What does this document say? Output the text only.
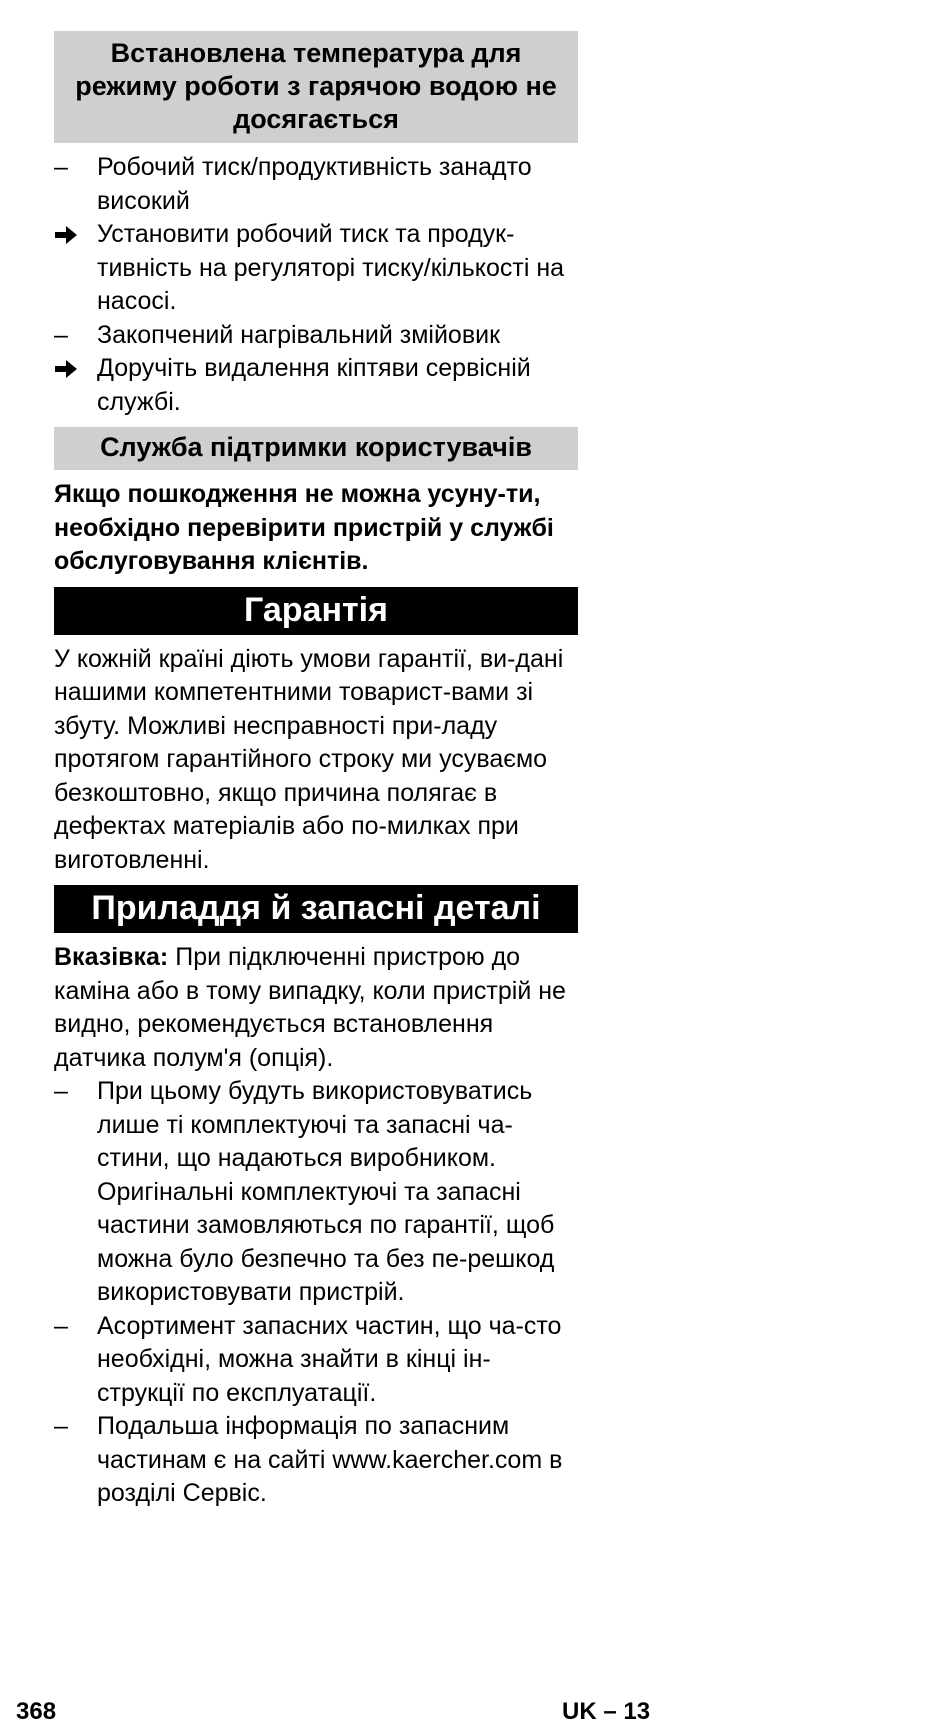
Встановлена температура для режиму роботи з гарячою водою не досягається
–	Робочий тиск/продуктивність занадто високий
Установити робочий тиск та продук-тивність на регуляторі тиску/кількості на насосі.
–	Закопчений нагрівальний змійовик
Доручіть видалення кіптяви сервісній службі.
Служба підтримки користувачів
Якщо пошкодження не можна усуну-ти, необхідно перевірити пристрій у службі обслуговування клієнтів.
Гарантія
У кожній країні діють умови гарантії, ви-дані нашими компетентними товарист-вами зі збуту. Можливі несправності при-ладу протягом гарантійного строку ми усуваємо безкоштовно, якщо причина полягає в дефектах матеріалів або по-милках при виготовленні.
Приладдя й запасні деталі
Вказівка: При підключенні пристрою до каміна або в тому випадку, коли пристрій не видно, рекомендується встановлення датчика полум'я (опція).
–	При цьому будуть використовуватись лише ті комплектуючі та запасні ча-стини, що надаються виробником. Оригінальні комплектуючі та запасні частини замовляються по гарантії, щоб можна було безпечно та без пе-решкод використовувати пристрій.
–	Асортимент запасних частин, що ча-сто необхідні, можна знайти в кінці ін-струкції по експлуатації.
–	Подальша інформація по запасним частинам є на сайті www.kaercher.com в розділі Сервіс.
368	UK – 13
